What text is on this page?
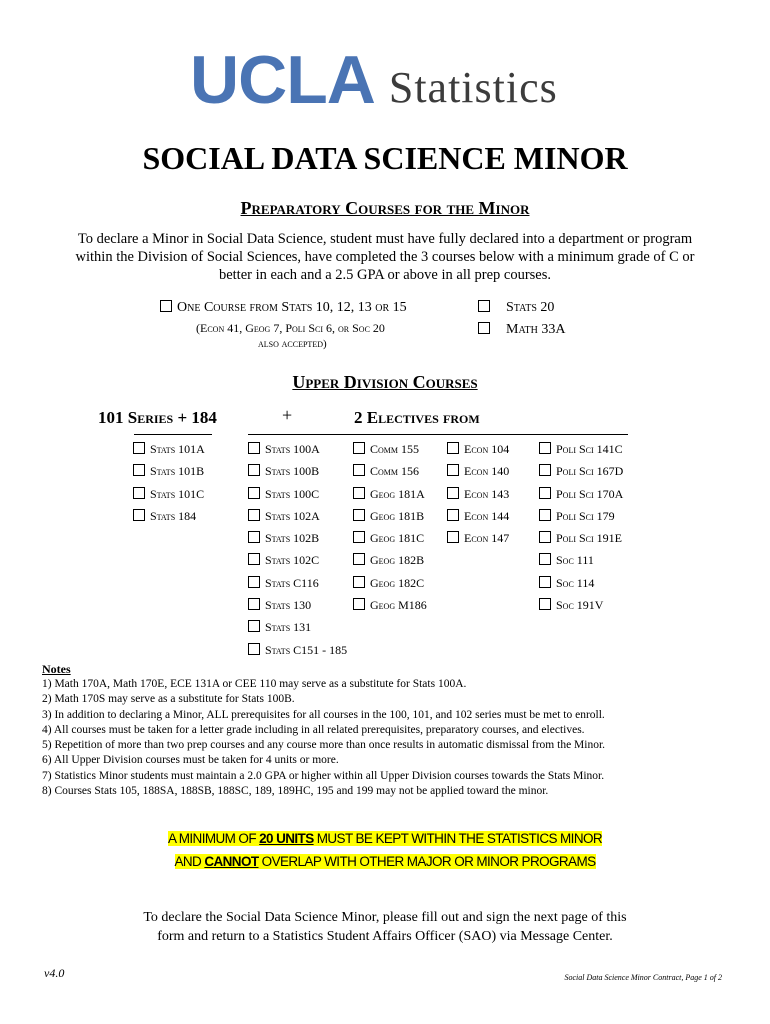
UCLA Statistics
SOCIAL DATA SCIENCE MINOR
Preparatory Courses for the Minor
To declare a Minor in Social Data Science, student must have fully declared into a department or program within the Division of Social Sciences, have completed the 3 courses below with a minimum grade of C or better in each and a 2.5 GPA or above in all prep courses.
One Course from Stats 10, 12, 13 or 15
(Econ 41, Geog 7, Poli Sci 6, or Soc 20
also accepted)
Stats 20
Math 33A
Upper Division Courses
101 Series + 184	+	2 Electives from
Stats 101A
Stats 101B
Stats 101C
Stats 184
Stats 100A
Stats 100B
Stats 100C
Stats 102A
Stats 102B
Stats 102C
Stats C116
Stats 130
Stats 131
Stats C151 - 185
Comm 155
Comm 156
Geog 181A
Geog 181B
Geog 181C
Geog 182B
Geog 182C
Geog M186
Econ 104
Econ 140
Econ 143
Econ 144
Econ 147
Poli Sci 141C
Poli Sci 167D
Poli Sci 170A
Poli Sci 179
Poli Sci 191E
Soc 111
Soc 114
Soc 191V
Notes
1) Math 170A, Math 170E, ECE 131A or CEE 110 may serve as a substitute for Stats 100A.
2) Math 170S may serve as a substitute for Stats 100B.
3) In addition to declaring a Minor, ALL prerequisites for all courses in the 100, 101, and 102 series must be met to enroll.
4) All courses must be taken for a letter grade including in all related prerequisites, preparatory courses, and electives.
5) Repetition of more than two prep courses and any course more than once results in automatic dismissal from the Minor.
6) All Upper Division courses must be taken for 4 units or more.
7) Statistics Minor students must maintain a 2.0 GPA or higher within all Upper Division courses towards the Stats Minor.
8) Courses Stats 105, 188SA, 188SB, 188SC, 189, 189HC, 195 and 199 may not be applied toward the minor.
A MINIMUM OF 20 UNITS MUST BE KEPT WITHIN THE STATISTICS MINOR
AND CANNOT OVERLAP WITH OTHER MAJOR OR MINOR PROGRAMS
To declare the Social Data Science Minor, please fill out and sign the next page of this form and return to a Statistics Student Affairs Officer (SAO) via Message Center.
v4.0	Social Data Science Minor Contract, Page 1 of 2
